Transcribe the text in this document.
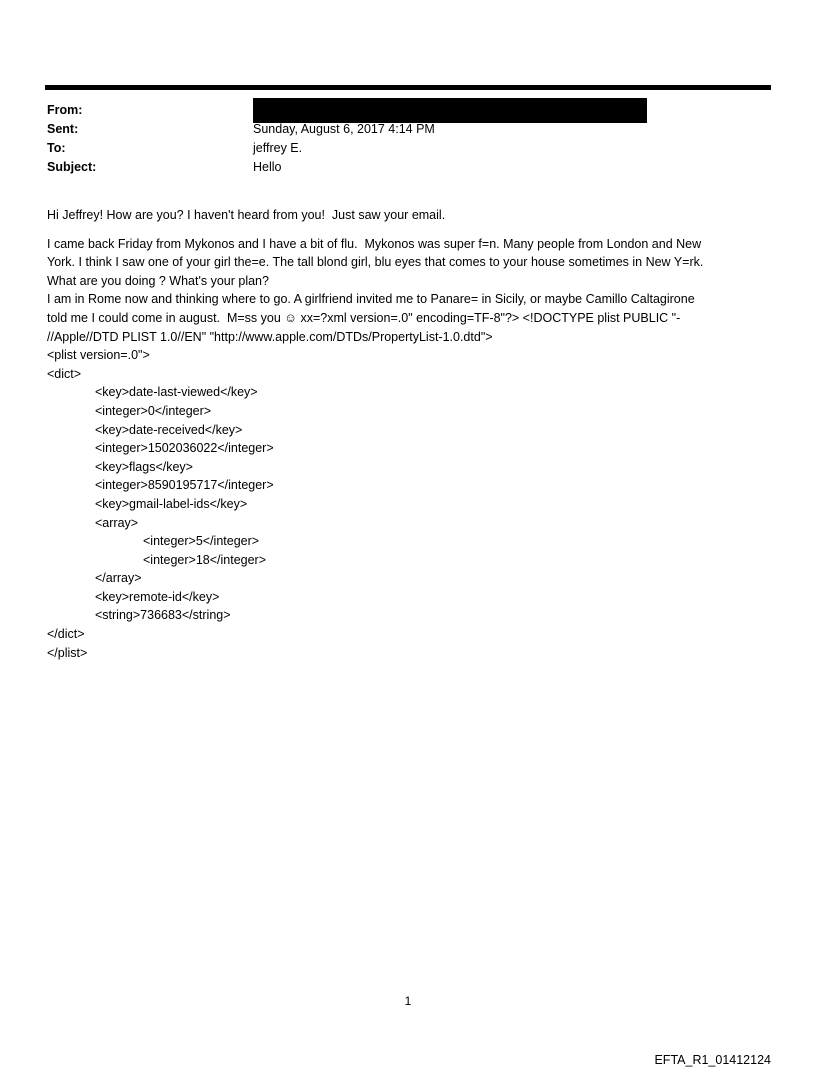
From:
Sent:	Sunday, August 6, 2017 4:14 PM
To:	jeffrey E.
Subject:	Hello
Hi Jeffrey! How are you? I haven't heard from you!  Just saw your email.
I came back Friday from Mykonos and I have a bit of flu.  Mykonos was super f=n. Many people from London and New
York. I think I saw one of your girl the=e. The tall blond girl, blu eyes that comes to your house sometimes in New Y=rk.
What are you doing ? What's your plan?
I am in Rome now and thinking where to go. A girlfriend invited me to Panare= in Sicily, or maybe Camillo Caltagirone
told me I could come in august.  M=ss you ☺ xx=?xml version=.0" encoding=TF-8"?> <!DOCTYPE plist PUBLIC "-
//Apple//DTD PLIST 1.0//EN" "http://www.apple.com/DTDs/PropertyList-1.0.dtd">
<plist version=.0">
<dict>
<key>date-last-viewed</key>
<integer>0</integer>
<key>date-received</key>
<integer>1502036022</integer>
<key>flags</key>
<integer>8590195717</integer>
<key>gmail-label-ids</key>
<array>
<integer>5</integer>
<integer>18</integer>
</array>
<key>remote-id</key>
<string>736683</string>
</dict>
</plist>
1
EFTA_R1_01412124
